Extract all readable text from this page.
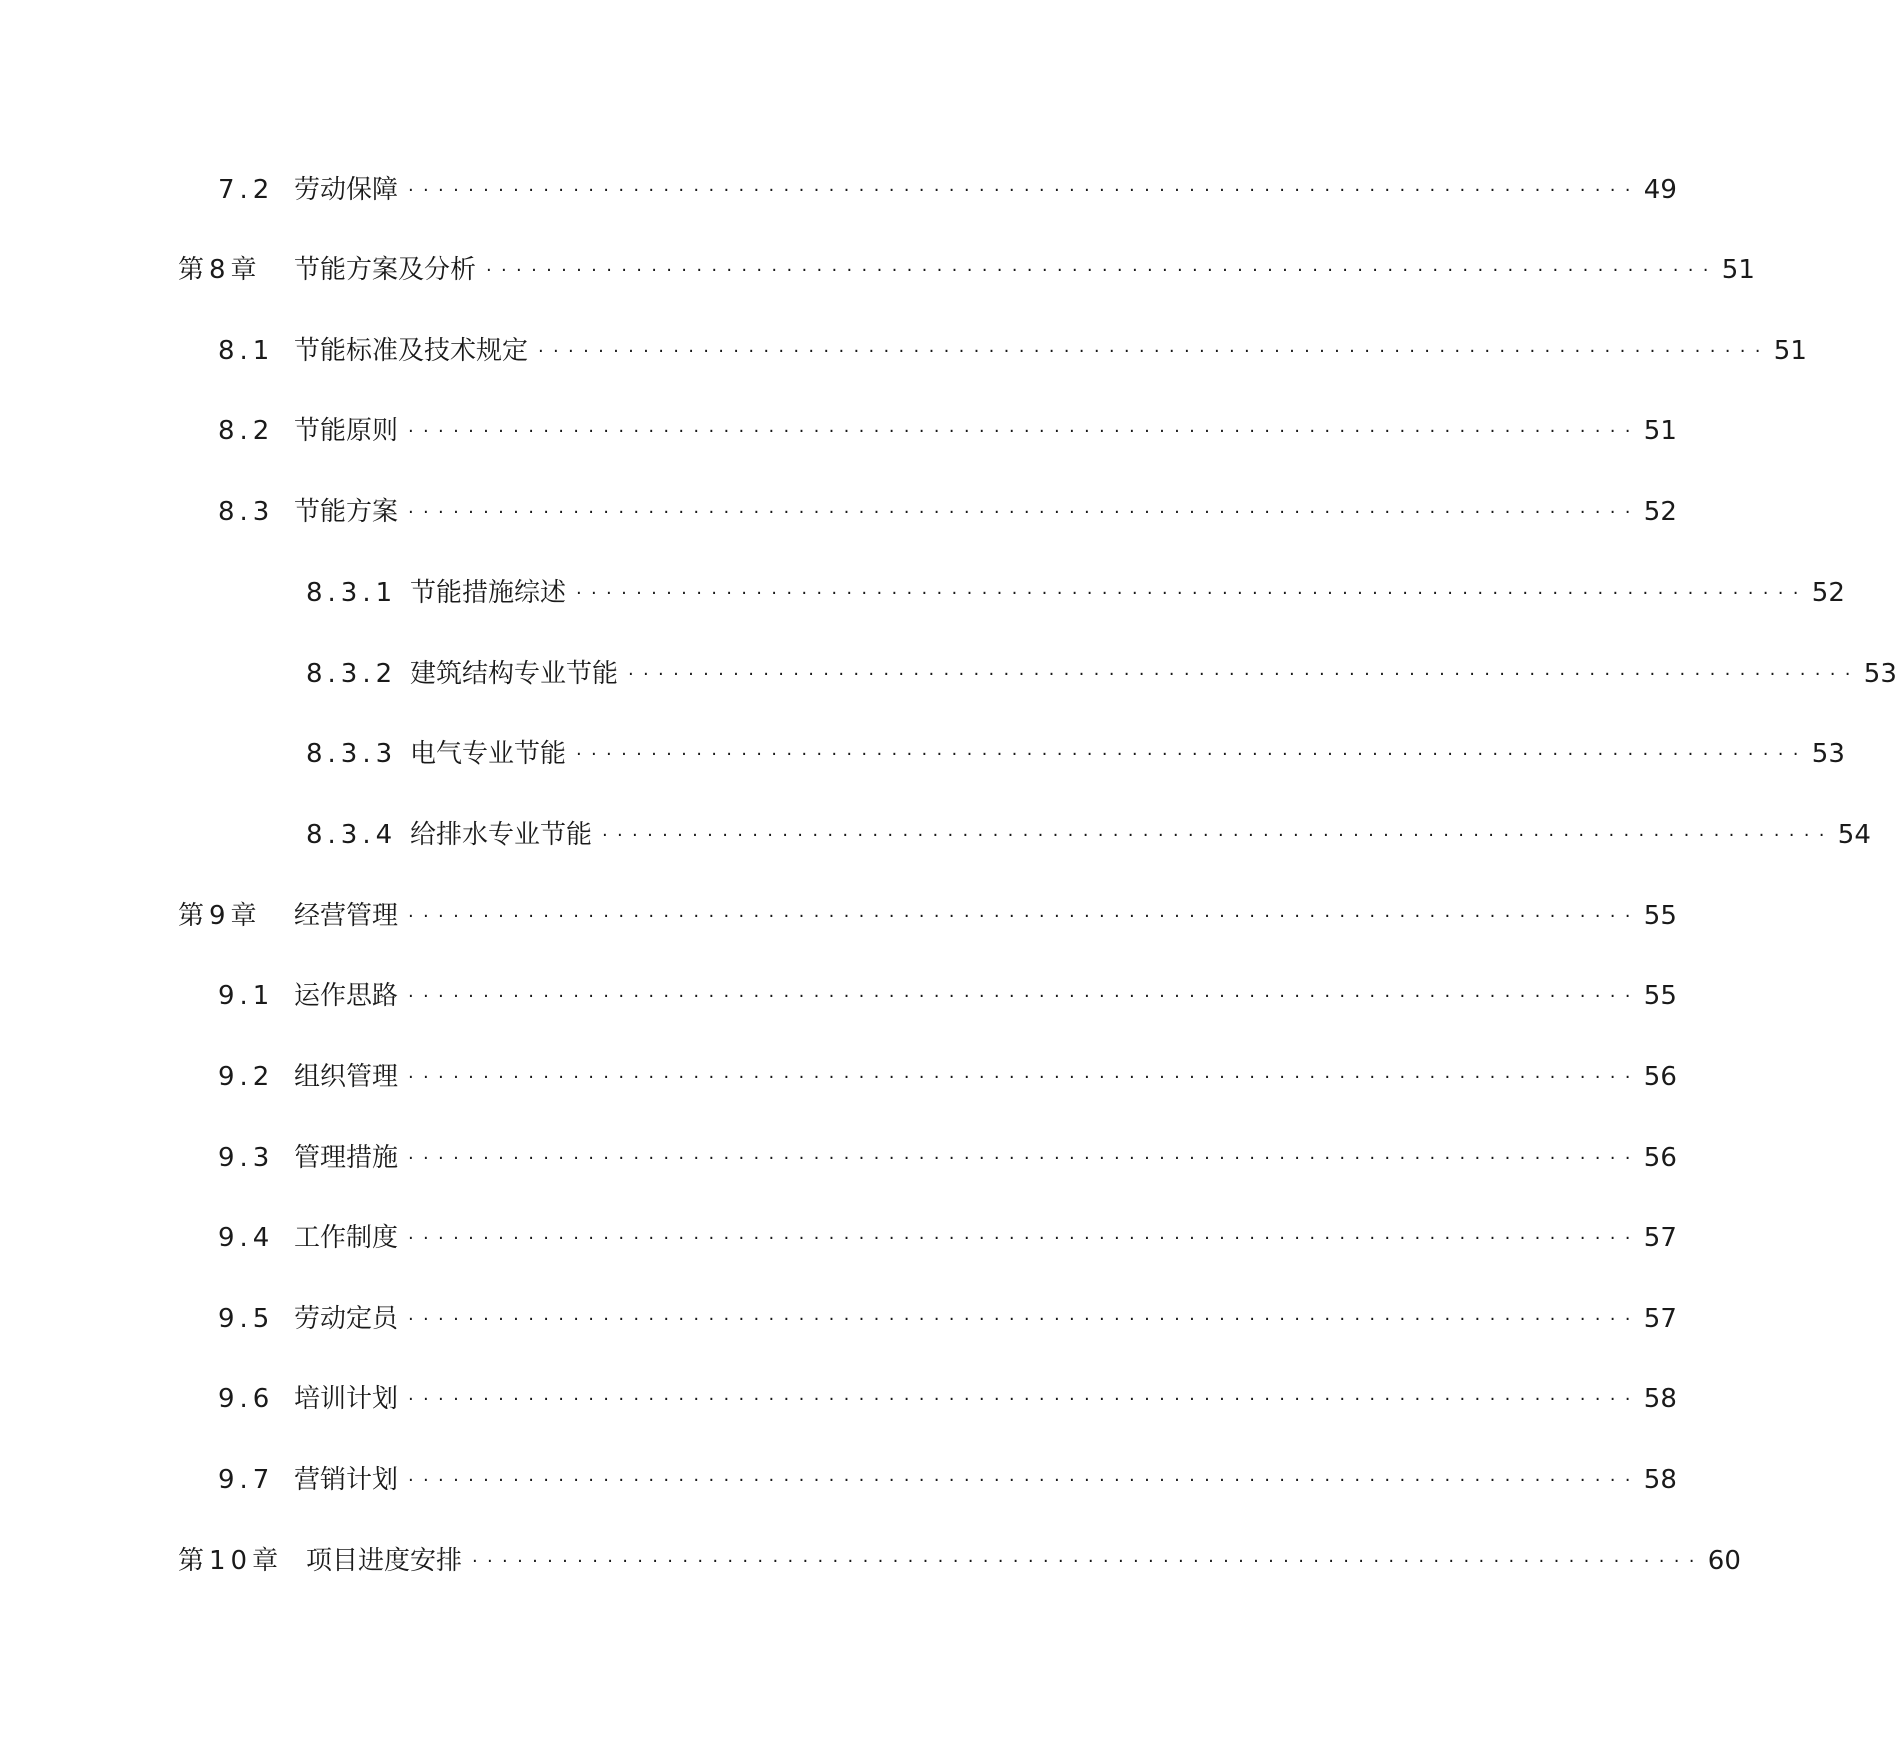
7.2 劳动保障 ·················································································· 49
第8章 节能方案及分析 ·················································································· 51
8.1 节能标准及技术规定 ·················································································· 51
8.2 节能原则 ·················································································· 51
8.3 节能方案 ·················································································· 52
8.3.1 节能措施综述 ·················································································· 52
8.3.2 建筑结构专业节能 ·················································································· 53
8.3.3 电气专业节能 ·················································································· 53
8.3.4 给排水专业节能 ·················································································· 54
第9章 经营管理 ·················································································· 55
9.1 运作思路 ·················································································· 55
9.2 组织管理 ·················································································· 56
9.3 管理措施 ·················································································· 56
9.4 工作制度 ·················································································· 57
9.5 劳动定员 ·················································································· 57
9.6 培训计划 ·················································································· 58
9.7 营销计划 ·················································································· 58
第10章 项目进度安排 ·················································································· 60
